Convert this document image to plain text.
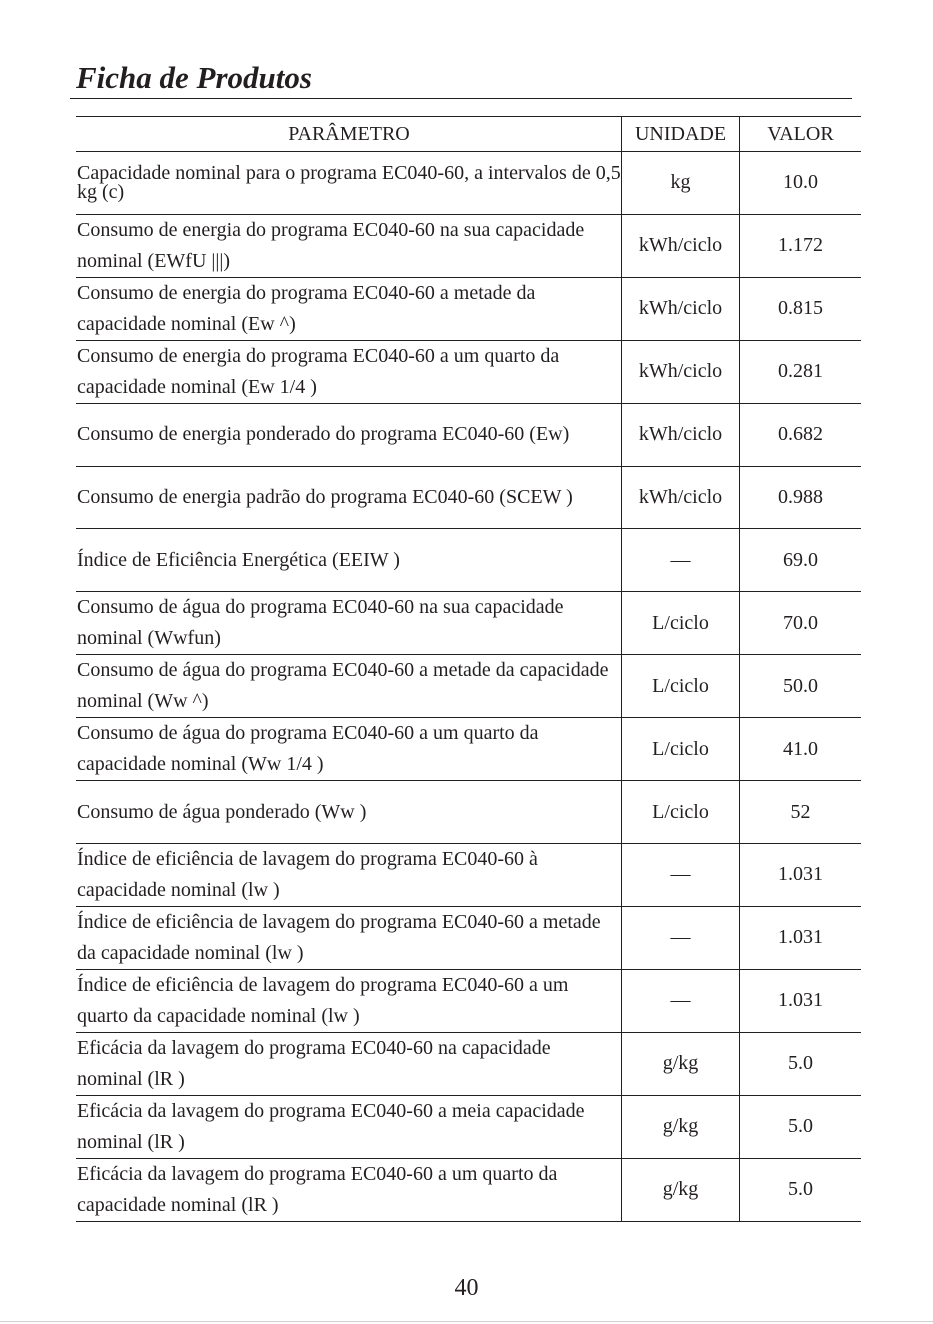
Ficha de Produtos
PARÂMETRO	UNIDADE	VALOR

Capacidade nominal para o programa EC040-60, a intervalos de 0,5 kg (c)	kg	10.0

Consumo de energia do programa EC040-60 na sua capacidade nominal (EWfU |||)	kWh/ciclo	1.172

Consumo de energia do programa EC040-60 a metade da capacidade nominal (Ew ^)	kWh/ciclo	0.815

Consumo de energia do programa EC040-60 a um quarto da capacidade nominal (Ew 1/4 )	kWh/ciclo	0.281

Consumo de energia ponderado do programa EC040-60 (Ew)	kWh/ciclo	0.682

Consumo de energia padrão do programa EC040-60 (SCEW )	kWh/ciclo	0.988

Índice de Eficiência Energética (EEIW )	—	69.0

Consumo de água do programa EC040-60 na sua capacidade nominal (Wwfun)	L/ciclo	70.0

Consumo de água do programa EC040-60 a metade da capacidade nominal (Ww ^)	L/ciclo	50.0

Consumo de água do programa EC040-60 a um quarto da capacidade nominal (Ww 1/4 )	L/ciclo	41.0

Consumo de água ponderado (Ww )	L/ciclo	52

Índice de eficiência de lavagem do programa EC040-60 à capacidade nominal (lw )	—	1.031

Índice de eficiência de lavagem do programa EC040-60 a metade da capacidade nominal (lw )	—	1.031

Índice de eficiência de lavagem do programa EC040-60 a um quarto da capacidade nominal (lw )	—	1.031

Eficácia da lavagem do programa EC040-60 na capacidade nominal (lR )	g/kg	5.0

Eficácia da lavagem do programa EC040-60 a meia capacidade nominal (lR )	g/kg	5.0

Eficácia da lavagem do programa EC040-60 a um quarto da capacidade nominal (lR )	g/kg	5.0
40
